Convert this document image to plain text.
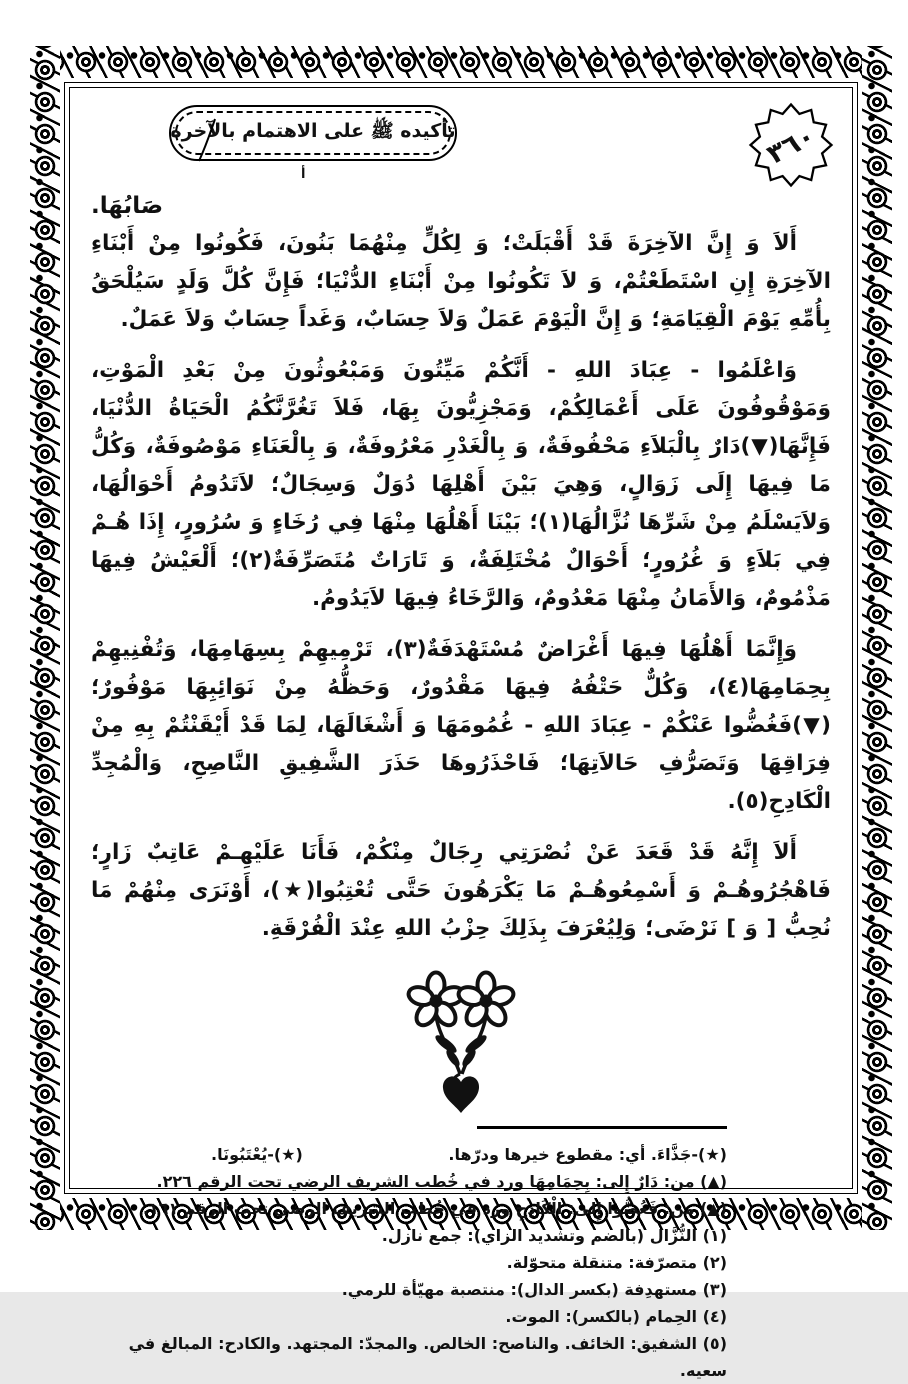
٣٦٠
تأكيده ﷺ على الاهتمام بالآخرة
أ
صَابُهَا.

أَلاَ وَ إِنَّ الآخِرَةَ قَدْ أَقْبَلَتْ؛ وَ لِكُلٍّ مِنْهُمَا بَنُونَ، فَكُونُوا مِنْ أَبْنَاءِ الآخِرَةِ إِنِ اسْتَطَعْتُمْ، وَ لاَ تَكُونُوا مِنْ أَبْنَاءِ الدُّنْيَا؛ فَإِنَّ كُلَّ وَلَدٍ سَيُلْحَقُ بِأُمِّهِ يَوْمَ الْقِيَامَةِ؛ وَ إِنَّ الْيَوْمَ عَمَلٌ وَلاَ حِسَابٌ، وَغَداً حِسَابٌ وَلاَ عَمَلٌ.

وَاعْلَمُوا - عِبَادَ اللهِ - أَنَّكُمْ مَيِّتُونَ وَمَبْعُوثُونَ مِنْ بَعْدِ الْمَوْتِ، وَمَوْقُوفُونَ عَلَى أَعْمَالِكُمْ، وَمَجْزِيُّونَ بِهَا، فَلاَ تَغُرَّنَّكُمُ الْحَيَاةُ الدُّنْيَا، فَإِنَّهَا(▼)دَارٌ بِالْبَلاَءِ مَحْفُوفَةٌ، وَ بِالْغَدْرِ مَعْرُوفَةٌ، وَ بِالْعَنَاءِ مَوْصُوفَةٌ، وَكُلُّ مَا فِيهَا إِلَى زَوَالٍ، وَهِيَ بَيْنَ أَهْلِهَا دُوَلٌ وَسِجَالٌ؛ لاَتَدُومُ أَحْوَالُهَا، وَلاَيَسْلَمُ مِنْ شَرِّهَا نُزَّالُهَا(١)؛ بَيْنَا أَهْلُهَا مِنْهَا فِي رُخَاءٍ وَ سُرُورٍ، إِذَا هُـمْ فِي بَلاَءٍ وَ غُرُورٍ؛ أَحْوَالٌ مُخْتَلِفَةٌ، وَ تَارَاتٌ مُتَصَرِّفَةٌ(٢)؛ أَلْعَيْشُ فِيهَا مَذْمُومٌ، وَالأَمَانُ مِنْهَا مَعْدُومٌ، وَالرَّخَاءُ فِيهَا لاَيَدُومُ.

وَإِنَّمَا أَهْلُهَا فِيهَا أَغْرَاضٌ مُسْتَهْدَفَةٌ(٣)، تَرْمِيهِمْ بِسِهَامِهَا، وَتُفْنِيهِمْ بِحِمَامِهَا(٤)، وَكُلٌّ حَتْفُهُ فِيهَا مَقْدُورٌ، وَحَظُّهُ مِنْ نَوَائِبِهَا مَوْفُورٌ؛ (▼)فَغُضُّوا عَنْكُمْ - عِبَادَ اللهِ - غُمُومَهَا وَ أَشْغَالَهَا، لِمَا قَدْ أَيْقَنْتُمْ بِهِ مِنْ فِرَاقِهَا وَتَصَرُّفِ حَالاَتِهَا؛ فَاحْذَرُوهَا حَذَرَ الشَّفِيقِ النَّاصِحِ، وَالْمُجِدِّ الْكَادِحِ(٥).

أَلاَ إِنَّهُ قَدْ قَعَدَ عَنْ نُصْرَتِي رِجَالٌ مِنْكُمْ، فَأَنَا عَلَيْهِـمْ عَاتِبٌ زَارٍ؛ فَاهْجُرُوهُـمْ وَ أَسْمِعُوهُـمْ مَا يَكْرَهُونَ حَتَّى تُعْتِبُوا(★)، أَوْنَرَى مِنْهُمْ مَا نُحِبُّ [ وَ ] نَرْضَى؛ وَلِيُعْرَفَ بِذَلِكَ حِزْبُ اللهِ عِنْدَ الْفُرْقَةِ.

(★)-جَذَّاءَ. أي: مقطوع خيرها ودرّها.
(★)-يُعْتَبُونَا.
(▲) من: دَارٌ إِلى: بِحِمَامِهَا ورد في خُطب الشريف الرضي تحت الرقم ٢٢٦.
(▲) من: فَغُضُّوا إِلى: الْكَادِحِ ورد في خُطب الشريف الرضي تحت الرقم ١٦١.
(١) النُّزَّال (بالضم وتشديد الزاي): جمع نازل.
(٢) متصرّفة: متنقلة متحوّلة.
(٣) مستهدِفة (بكسر الدال): منتصبة مهيّأة للرمي.
(٤) الحِمام (بالكسر): الموت.
(٥) الشفيق: الخائف. والناصح: الخالص. والمجدّ: المجتهد. والكادح: المبالغ في سعيه.
